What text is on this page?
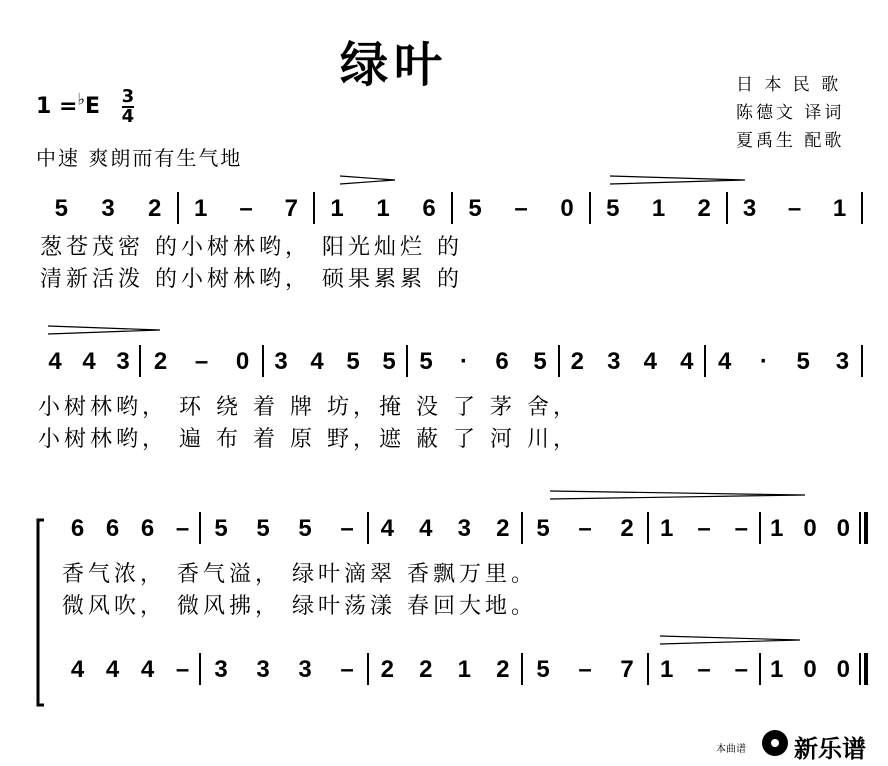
绿叶	日 本 民 歌
陈德文 译词
夏禹生 配歌
$1 =^♭E \frac{3}{4}$
中速 爽朗而有生气地
5 3 2 1 – 7 1 1 6 5 – 0 5 1 2 3 – 1
葱苍茂密 的小树林哟， 阳光灿烂 的
清新活泼 的小树林哟， 硕果累累 的
4 4 3 2 – 0 3 4 5 5 5 · 6 5 2 3 4 4 4 · 5 3
小树林哟， 环 绕 着 牌 坊，掩 没 了 茅 舍，
小树林哟， 遍 布 着 原 野，遮 蔽 了 河 川，
6 6 6 – 5 5 5 – 4 4 3 2 5 – 2 1 – – 1 0 0
香气浓， 香气溢， 绿叶滴翠 香飘万里。
微风吹， 微风拂， 绿叶荡漾 春回大地。
4 4 4 – 3 3 3 – 2 2 1 2 5 – 7 1 – – 1 0 0
本曲谱 新乐谱
